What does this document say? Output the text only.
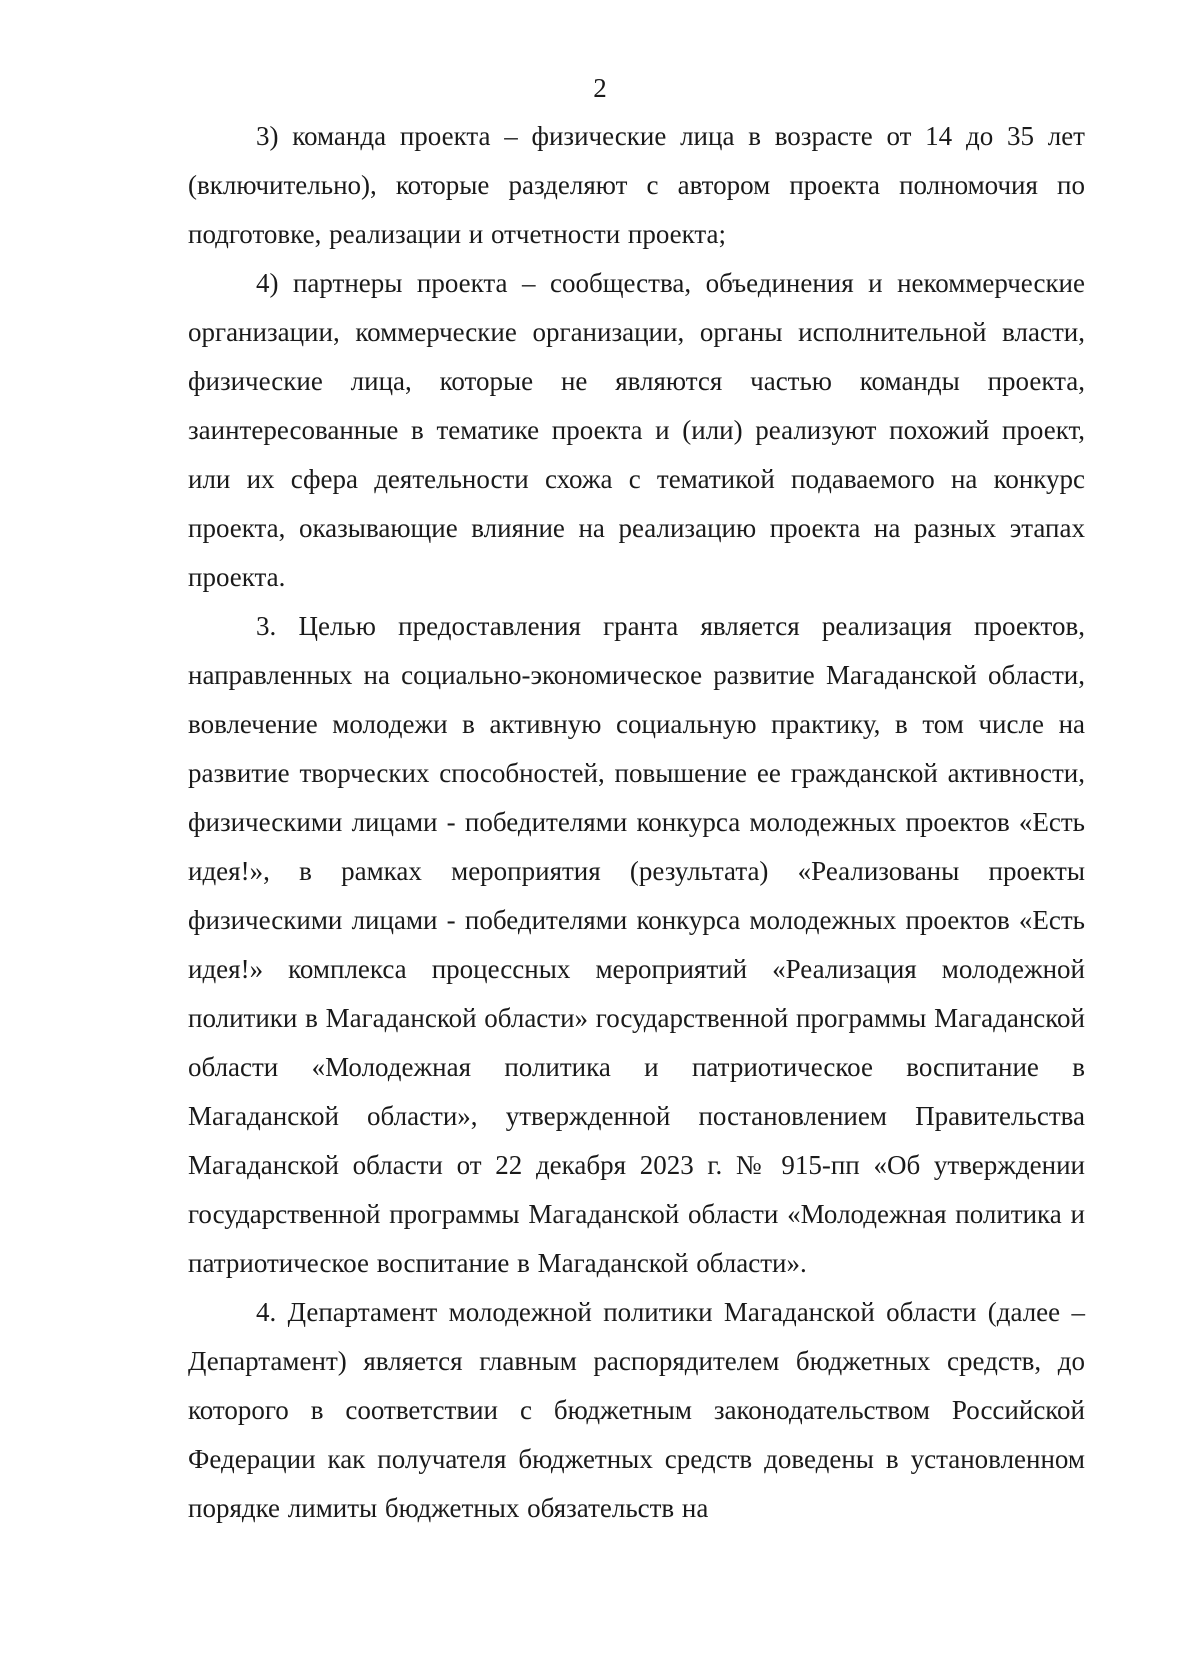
2

3) команда проекта – физические лица в возрасте от 14 до 35 лет (включительно), которые разделяют с автором проекта полномочия по подготовке, реализации и отчетности проекта;

4) партнеры проекта – сообщества, объединения и некоммерческие организации, коммерческие организации, органы исполнительной власти, физические лица, которые не являются частью команды проекта, заинтересованные в тематике проекта и (или) реализуют похожий проект, или их сфера деятельности схожа с тематикой подаваемого на конкурс проекта, оказывающие влияние на реализацию проекта на разных этапах проекта.

3. Целью предоставления гранта является реализация проектов, направленных на социально-экономическое развитие Магаданской области, вовлечение молодежи в активную социальную практику, в том числе на развитие творческих способностей, повышение ее гражданской активности, физическими лицами - победителями конкурса молодежных проектов «Есть идея!», в рамках мероприятия (результата) «Реализованы проекты физическими лицами - победителями конкурса молодежных проектов «Есть идея!» комплекса процессных мероприятий «Реализация молодежной политики в Магаданской области» государственной программы Магаданской области «Молодежная политика и патриотическое воспитание в Магаданской области», утвержденной постановлением Правительства Магаданской области от 22 декабря 2023 г. № 915-пп «Об утверждении государственной программы Магаданской области «Молодежная политика и патриотическое воспитание в Магаданской области».

4. Департамент молодежной политики Магаданской области (далее – Департамент) является главным распорядителем бюджетных средств, до которого в соответствии с бюджетным законодательством Российской Федерации как получателя бюджетных средств доведены в установленном порядке лимиты бюджетных обязательств на
